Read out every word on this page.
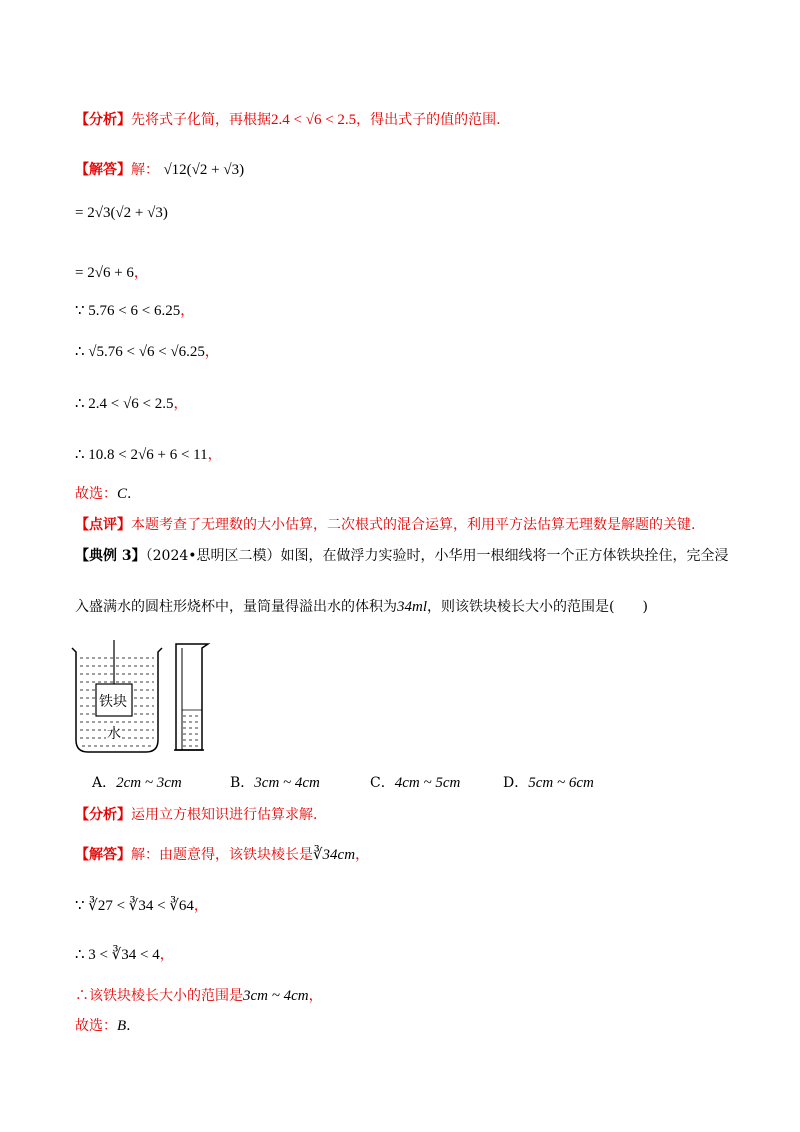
【分析】先将式子化简，再根据2.4 < √6 < 2.5，得出式子的值的范围.
【解答】解： √12(√2 + √3)
= 2√3(√2 + √3)
= 2√6 + 6，
∵ 5.76 < 6 < 6.25，
∴ √5.76 < √6 < √6.25，
∴ 2.4 < √6 < 2.5，
∴ 10.8 < 2√6 + 6 < 11，
故选：C.
【点评】本题考查了无理数的大小估算，二次根式的混合运算，利用平方法估算无理数是解题的关键.
【典例 3】（2024•思明区二模）如图，在做浮力实验时，小华用一根细线将一个正方体铁块拴住，完全浸
入盛满水的圆柱形烧杯中，量筒量得溢出水的体积为34ml，则该铁块棱长大小的范围是(　　)
铁块
水
A．2cm ~ 3cm	B．3cm ~ 4cm	C．4cm ~ 5cm	D．5cm ~ 6cm
【分析】运用立方根知识进行估算求解.
【解答】解：由题意得，该铁块棱长是∛34cm，
∵ ∛27 < ∛34 < ∛64，
∴ 3 < ∛34 < 4，
∴该铁块棱长大小的范围是3cm ~ 4cm，
故选：B.
